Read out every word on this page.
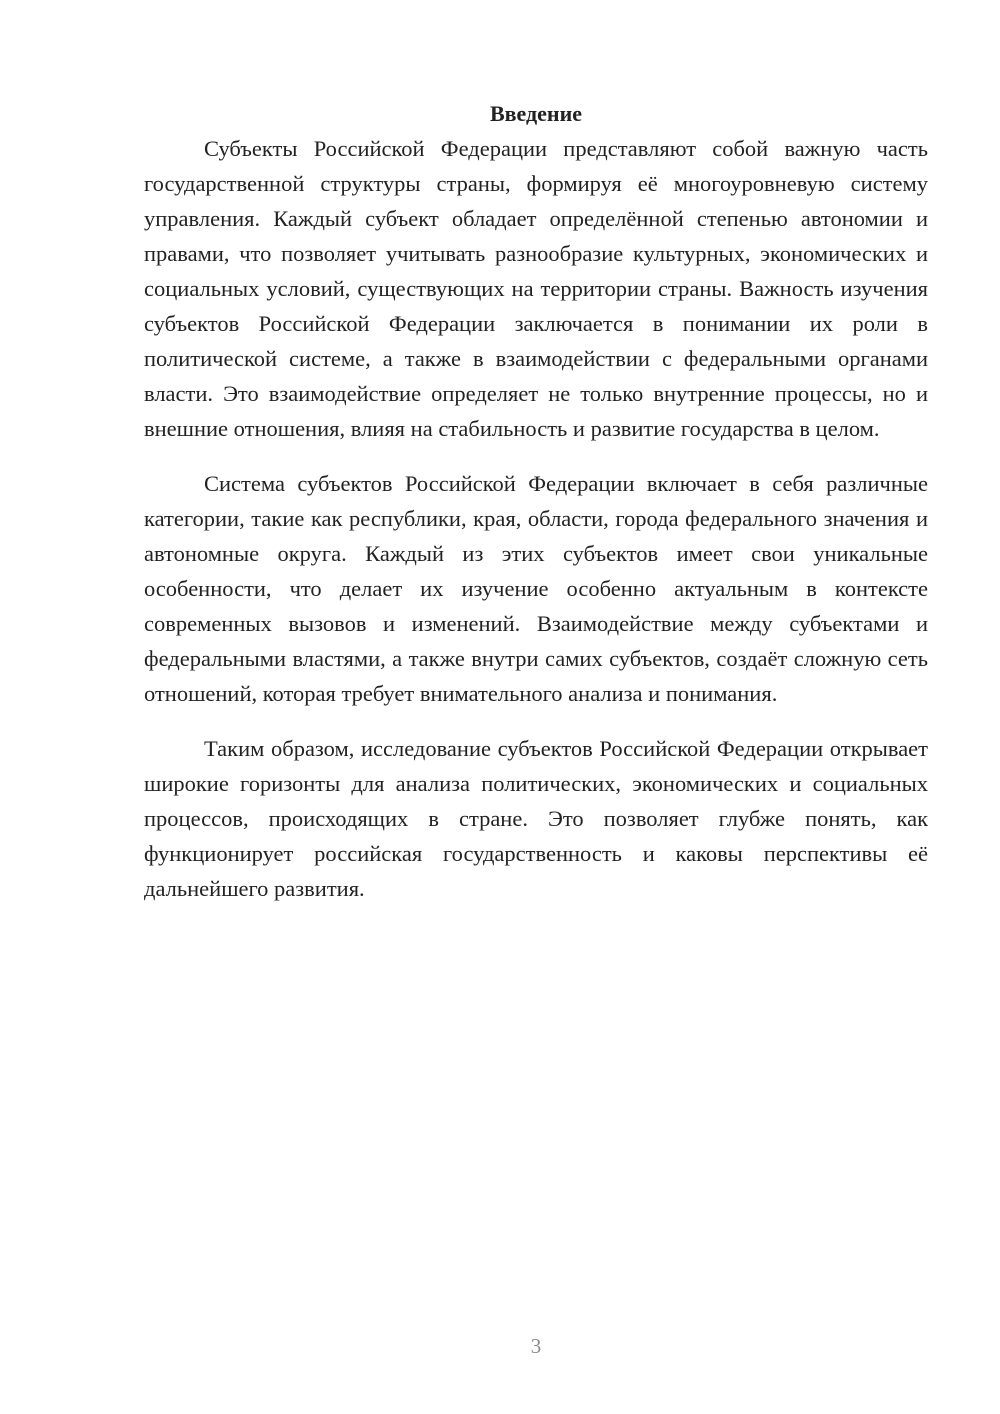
Введение

Субъекты Российской Федерации представляют собой важную часть государственной структуры страны, формируя её многоуровневую систему управления. Каждый субъект обладает определённой степенью автономии и правами, что позволяет учитывать разнообразие культурных, экономических и социальных условий, существующих на территории страны. Важность изучения субъектов Российской Федерации заключается в понимании их роли в политической системе, а также в взаимодействии с федеральными органами власти. Это взаимодействие определяет не только внутренние процессы, но и внешние отношения, влияя на стабильность и развитие государства в целом.

Система субъектов Российской Федерации включает в себя различные категории, такие как республики, края, области, города федерального значения и автономные округа. Каждый из этих субъектов имеет свои уникальные особенности, что делает их изучение особенно актуальным в контексте современных вызовов и изменений. Взаимодействие между субъектами и федеральными властями, а также внутри самих субъектов, создаёт сложную сеть отношений, которая требует внимательного анализа и понимания.

Таким образом, исследование субъектов Российской Федерации открывает широкие горизонты для анализа политических, экономических и социальных процессов, происходящих в стране. Это позволяет глубже понять, как функционирует российская государственность и каковы перспективы её дальнейшего развития.

3
